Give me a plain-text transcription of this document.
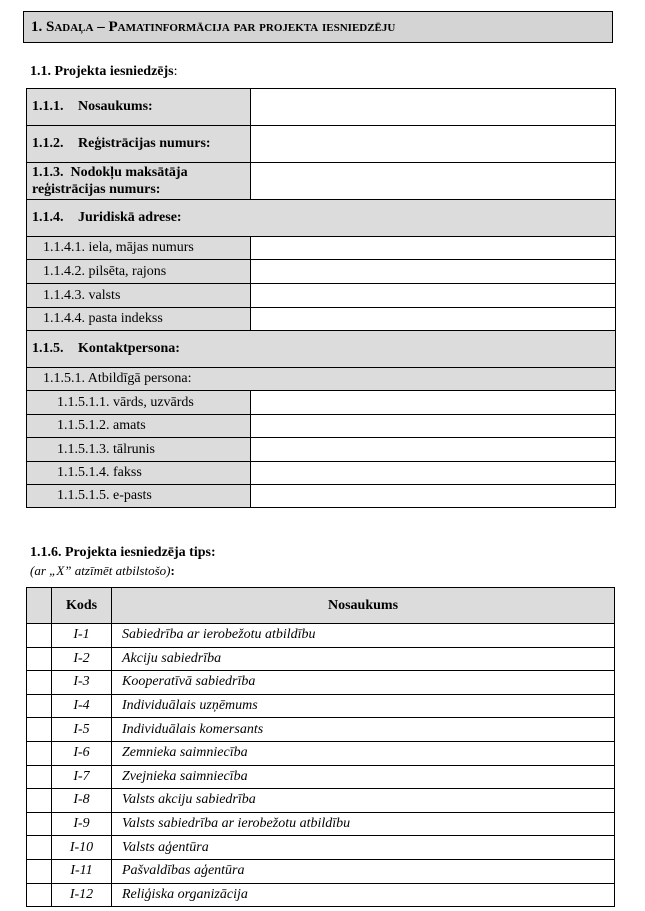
1. Sadaļa – Pamatinformācija par projekta iesniedzēju
1.1. Projekta iesniedzējs:
1.1.1. Nosaukums:	
1.1.2. Reģistrācijas numurs:	
1.1.3. Nodokļu maksātāja reģistrācijas numurs:	
1.1.4. Juridiskā adrese:	
1.1.4.1. iela, mājas numurs	
1.1.4.2. pilsēta, rajons	
1.1.4.3. valsts	
1.1.4.4. pasta indekss	
1.1.5. Kontaktpersona:	
1.1.5.1. Atbildīgā persona:	
1.1.5.1.1. vārds, uzvārds	
1.1.5.1.2. amats	
1.1.5.1.3. tālrunis	
1.1.5.1.4. fakss	
1.1.5.1.5. e-pasts	
1.1.6. Projekta iesniedzēja tips:
(ar „X” atzīmēt atbilstošo):
	Kods	Nosaukums
	I-1	Sabiedrība ar ierobežotu atbildību
	I-2	Akciju sabiedrība
	I-3	Kooperatīvā sabiedrība
	I-4	Individuālais uzņēmums
	I-5	Individuālais komersants
	I-6	Zemnieka saimniecība
	I-7	Zvejnieka saimniecība
	I-8	Valsts akciju sabiedrība
	I-9	Valsts sabiedrība ar ierobežotu atbildību
	I-10	Valsts aģentūra
	I-11	Pašvaldības aģentūra
	I-12	Reliģiska organizācija
